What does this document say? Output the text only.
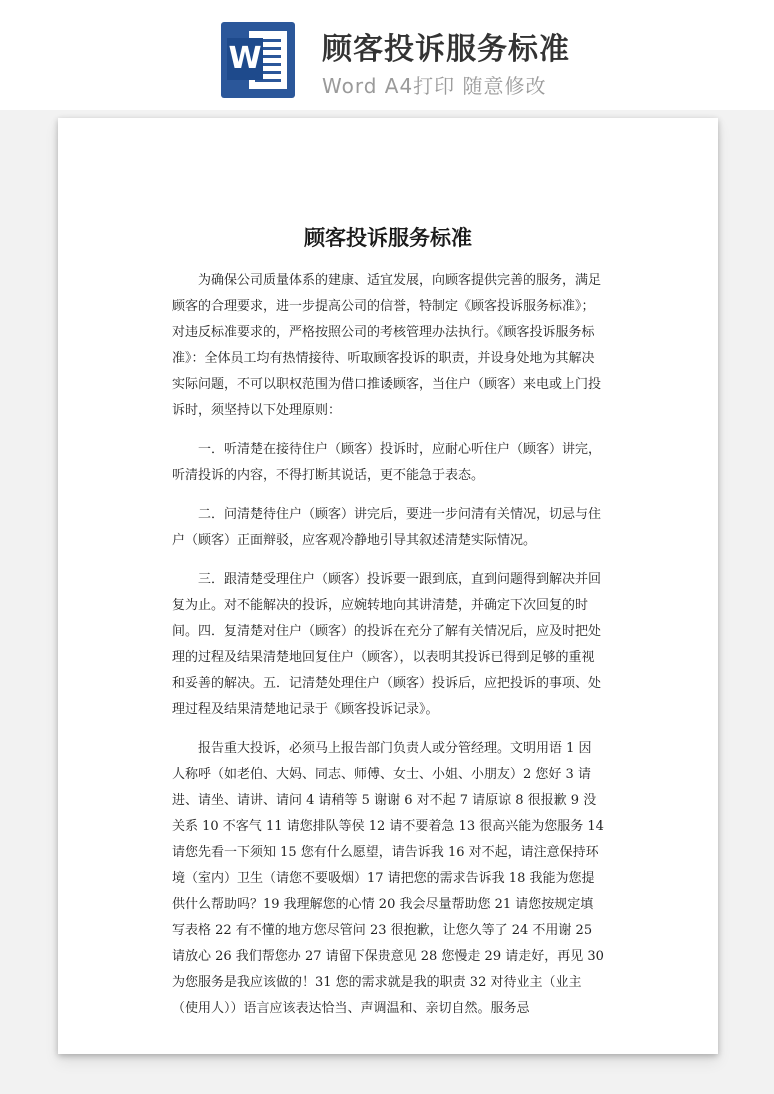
W 顾客投诉服务标准

Word A4打印 随意修改

顾客投诉服务标准

为确保公司质量体系的建康、适宜发展，向顾客提供完善的服务，满足顾客的合理要求，进一步提高公司的信誉，特制定《顾客投诉服务标准》；对违反标准要求的，严格按照公司的考核管理办法执行。《顾客投诉服务标准》：全体员工均有热情接待、听取顾客投诉的职责，并设身处地为其解决实际问题，不可以职权范围为借口推诿顾客，当住户（顾客）来电或上门投诉时，须坚持以下处理原则：

一．听清楚在接待住户（顾客）投诉时，应耐心听住户（顾客）讲完，听清投诉的内容，不得打断其说话，更不能急于表态。

二．问清楚待住户（顾客）讲完后，要进一步问清有关情况，切忌与住户（顾客）正面辩驳，应客观冷静地引导其叙述清楚实际情况。

三．跟清楚受理住户（顾客）投诉要一跟到底，直到问题得到解决并回复为止。对不能解决的投诉，应婉转地向其讲清楚，并确定下次回复的时间。四．复清楚对住户（顾客）的投诉在充分了解有关情况后，应及时把处理的过程及结果清楚地回复住户（顾客），以表明其投诉已得到足够的重视和妥善的解决。五．记清楚处理住户（顾客）投诉后，应把投诉的事项、处理过程及结果清楚地记录于《顾客投诉记录》。

报告重大投诉，必须马上报告部门负责人或分管经理。文明用语 1 因人称呼（如老伯、大妈、同志、师傅、女士、小姐、小朋友）2 您好 3 请进、请坐、请讲、请问 4 请稍等 5 谢谢 6 对不起 7 请原谅 8 很报歉 9 没关系 10 不客气 11 请您排队等侯 12 请不要着急 13 很高兴能为您服务 14 请您先看一下须知 15 您有什么愿望，请告诉我 16 对不起，请注意保持环境（室内）卫生（请您不要吸烟）17 请把您的需求告诉我 18 我能为您提供什么帮助吗？19 我理解您的心情 20 我会尽量帮助您 21 请您按规定填写表格 22 有不懂的地方您尽管问 23 很抱歉，让您久等了 24 不用谢 25 请放心 26 我们帮您办 27 请留下保贵意见 28 您慢走 29 请走好，再见 30 为您服务是我应该做的！31 您的需求就是我的职责 32 对待业主（业主（使用人））语言应该表达恰当、声调温和、亲切自然。服务忌
